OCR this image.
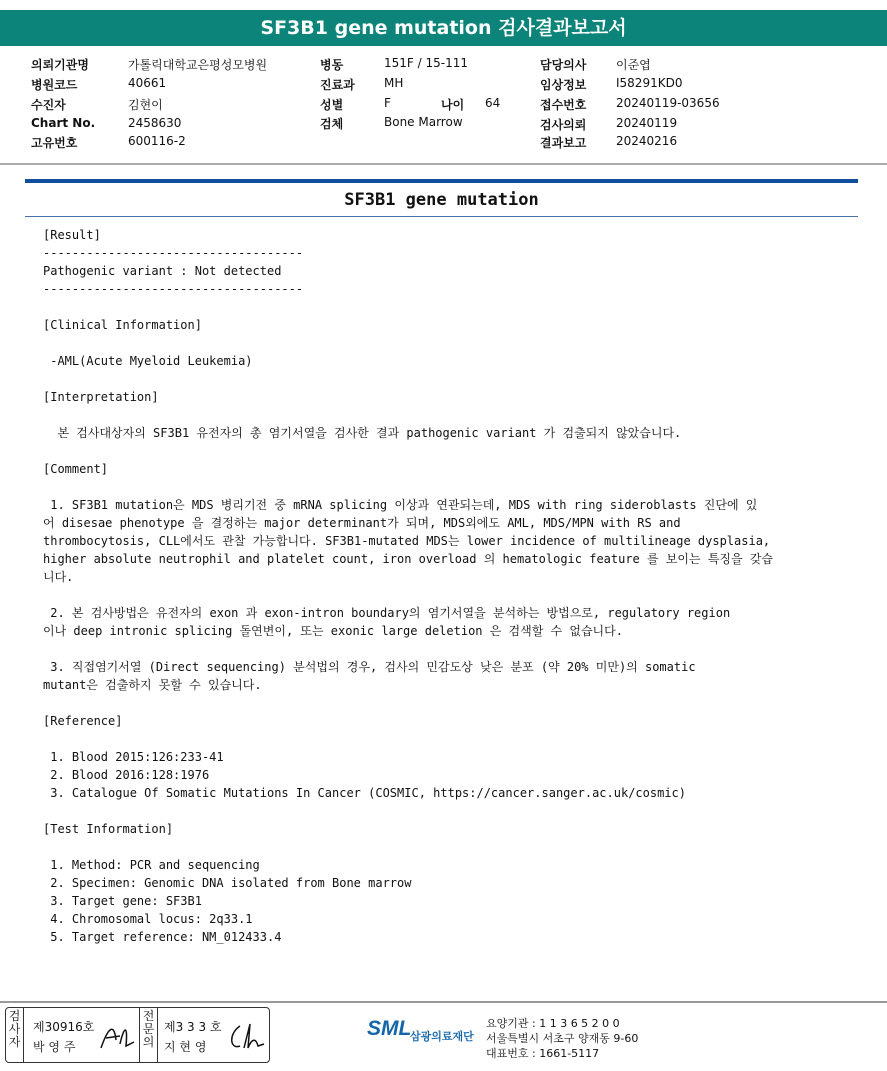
SF3B1 gene mutation 검사결과보고서
의뢰기관명	가톨릭대학교은평성모병원
병원코드	40661
수진자	김현이
Chart No.	2458630
고유번호	600116-2
병동	151F / 15-111
진료과 MH
성별	F	나이 64
검체	Bone Marrow
담당의사 이준엽
임상정보 I58291KD0
접수번호 20240119-03656
검사의뢰 20240119
결과보고 20240216
SF3B1 gene mutation

[Result]

------------------------------------

Pathogenic variant : Not detected

------------------------------------

[Clinical Information]

-AML(Acute Myeloid Leukemia)

[Interpretation]

본 검사대상자의 SF3B1 유전자의 총 염기서열을 검사한 결과 pathogenic variant 가 검출되지 않았습니다.

[Comment]

1. SF3B1 mutation은 MDS 병리기전 중 mRNA splicing 이상과 연관되는데, MDS with ring sideroblasts 진단에 있

어 disesae phenotype 을 결정하는 major determinant가 되며, MDS외에도 AML, MDS/MPN with RS and

thrombocytosis, CLL에서도 관찰 가능합니다. SF3B1-mutated MDS는 lower incidence of multilineage dysplasia,

higher absolute neutrophil and platelet count, iron overload 의 hematologic feature 를 보이는 특징을 갖습

니다.

2. 본 검사방법은 유전자의 exon 과 exon-intron boundary의 염기서열을 분석하는 방법으로, regulatory region

이나 deep intronic splicing 돌연변이, 또는 exonic large deletion 은 검색할 수 없습니다.

3. 직접염기서열 (Direct sequencing) 분석법의 경우, 검사의 민감도상 낮은 분포 (약 20% 미만)의 somatic

mutant은 검출하지 못할 수 있습니다.

[Reference]

1. Blood 2015:126:233-41

2. Blood 2016:128:1976

3. Catalogue Of Somatic Mutations In Cancer (COSMIC, https://cancer.sanger.ac.uk/cosmic)

[Test Information]

1. Method: PCR and sequencing

2. Specimen: Genomic DNA isolated from Bone marrow

3. Target gene: SF3B1

4. Chromosomal locus: 2q33.1

5. Target reference: NM_012433.4

검
사
자
제30916호
박 영 주
전
문
의
제3 3 3 호
지 현 영
SML
삼광의료재단
요양기관 : 1 1 3 6 5 2 0 0
서울특별시 서초구 양재동 9-60
대표번호 : 1661-5117
